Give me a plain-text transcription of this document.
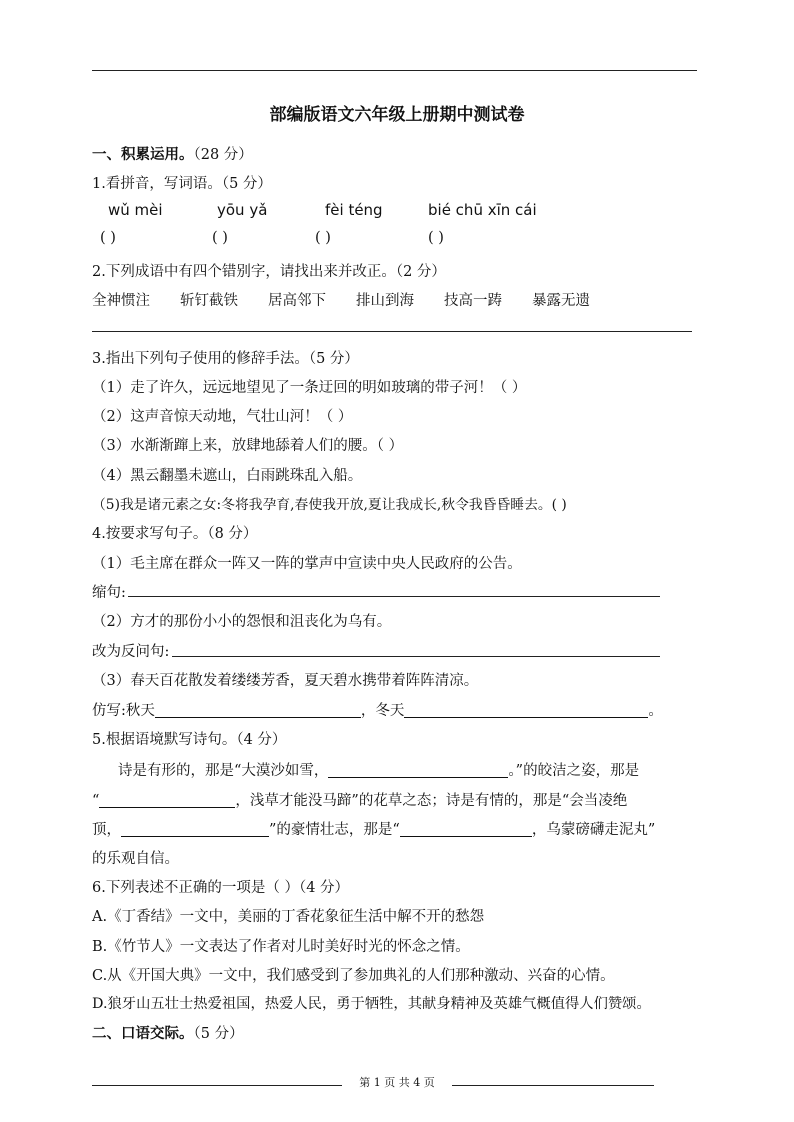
部编版语文六年级上册期中测试卷
一、积累运用。（28 分）
1.看拼音，写词语。（5 分）
wǔ mèi	yōu yǎ	fèi téng	bié chū xīn cái
( )	( )	( )	( )
2.下列成语中有四个错别字，请找出来并改正。（2 分）
全神惯注 斩钉截铁 居高邻下 排山到海 技高一踌 暴露无遗
3.指出下列句子使用的修辞手法。（5 分）
（1）走了许久，远远地望见了一条迂回的明如玻璃的带子河！（ ）
（2）这声音惊天动地，气壮山河！（ ）
（3）水渐渐蹿上来，放肆地舔着人们的腰。（ ）
（4）黑云翻墨未遮山，白雨跳珠乱入船。
（5)我是诸元素之女:冬将我孕育,春使我开放,夏让我成长,秋令我昏昏睡去。( )
4.按要求写句子。（8 分）
（1）毛主席在群众一阵又一阵的掌声中宣读中央人民政府的公告。
缩句:
（2）方才的那份小小的怨恨和沮丧化为乌有。
改为反问句:
（3）春天百花散发着缕缕芳香，夏天碧水携带着阵阵清凉。
仿写:秋天	，冬天	。
5.根据语境默写诗句。（4 分）
诗是有形的，那是“大漠沙如雪，	。”的皎洁之姿，那是
“	，浅草才能没马蹄”的花草之态；诗是有情的，那是“会当凌绝
顶，	”的豪情壮志，那是“	，乌蒙磅礴走泥丸”
的乐观自信。
6.下列表述不正确的一项是（ ）（4 分）
A.《丁香结》一文中，美丽的丁香花象征生活中解不开的愁怨
B.《竹节人》一文表达了作者对儿时美好时光的怀念之情。
C.从《开国大典》一文中，我们感受到了参加典礼的人们那种激动、兴奋的心情。
D.狼牙山五壮士热爱祖国，热爱人民，勇于牺牲，其献身精神及英雄气概值得人们赞颂。
二、口语交际。（5 分）
第 1 页 共 4 页
